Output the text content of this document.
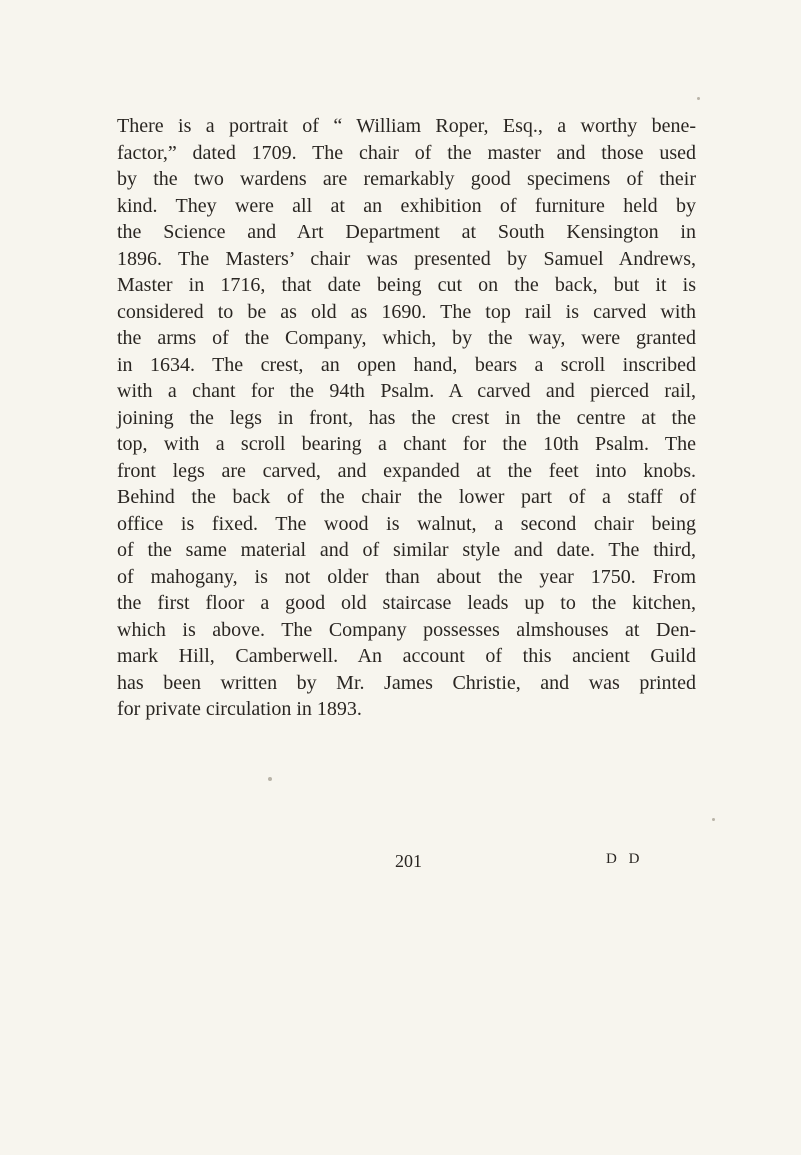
There is a portrait of “ William Roper, Esq., a worthy bene-
factor,” dated 1709. The chair of the master and those used
by the two wardens are remarkably good specimens of their
kind. They were all at an exhibition of furniture held by
the Science and Art Department at South Kensington in
1896. The Masters’ chair was presented by Samuel Andrews,
Master in 1716, that date being cut on the back, but it is
considered to be as old as 1690. The top rail is carved with
the arms of the Company, which, by the way, were granted
in 1634. The crest, an open hand, bears a scroll inscribed
with a chant for the 94th Psalm. A carved and pierced rail,
joining the legs in front, has the crest in the centre at the
top, with a scroll bearing a chant for the 10th Psalm. The
front legs are carved, and expanded at the feet into knobs.
Behind the back of the chair the lower part of a staff of
office is fixed. The wood is walnut, a second chair being
of the same material and of similar style and date. The third,
of mahogany, is not older than about the year 1750. From
the first floor a good old staircase leads up to the kitchen,
which is above. The Company possesses almshouses at Den-
mark Hill, Camberwell. An account of this ancient Guild
has been written by Mr. James Christie, and was printed
for private circulation in 1893.
201	D D
